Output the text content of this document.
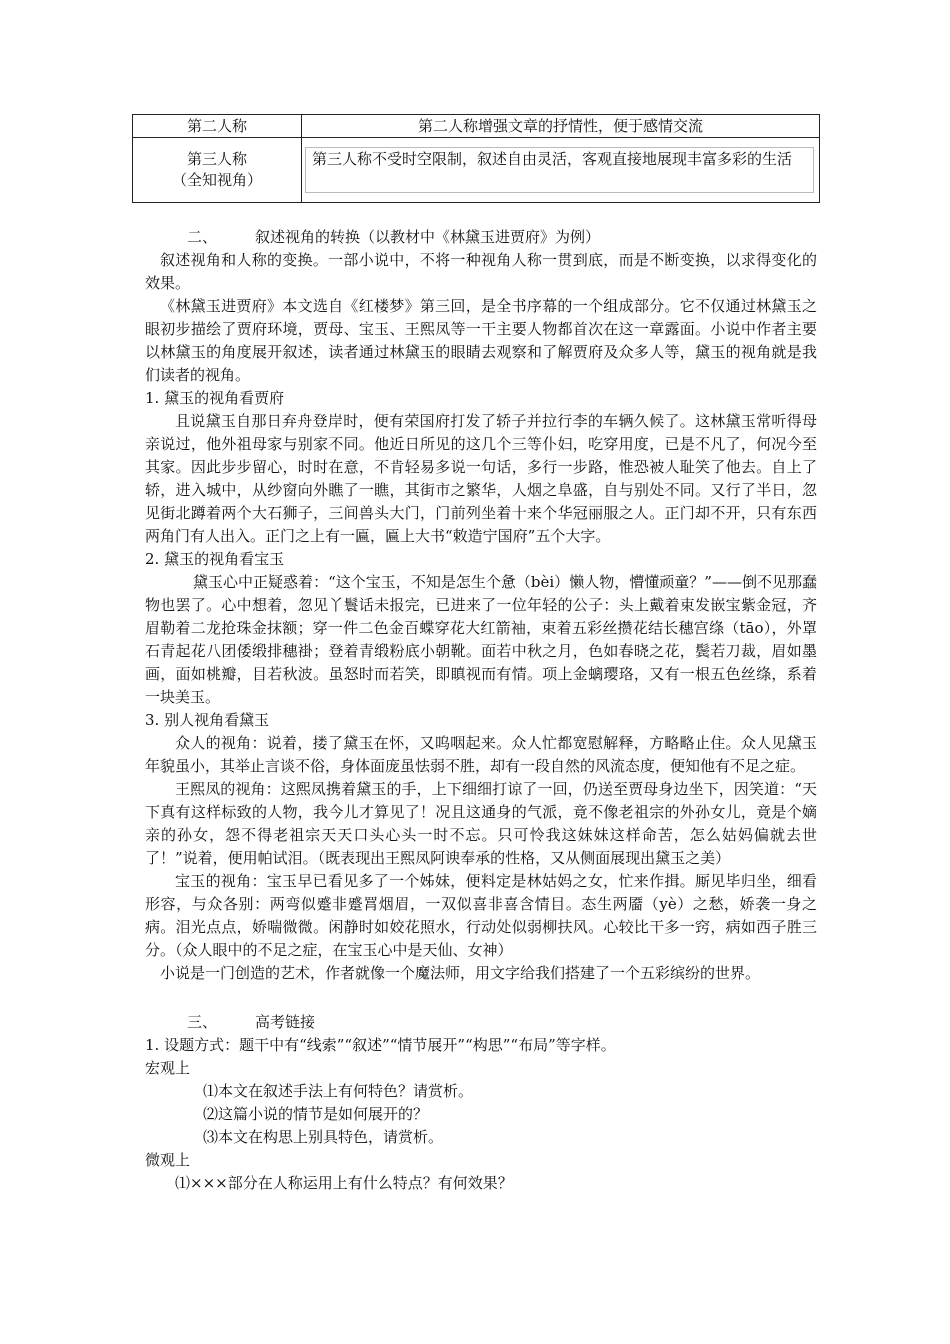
第二人称	第二人称增强文章的抒情性，便于感情交流

第三人称
（全知视角）	第三人称不受时空限制，叙述自由灵活，客观直接地展现丰富多彩的生活

二、	叙述视角的转换（以教材中《林黛玉进贾府》为例）

叙述视角和人称的变换。一部小说中，不将一种视角人称一贯到底，而是不断变换，以求得变化的效果。

《林黛玉进贾府》本文选自《红楼梦》第三回，是全书序幕的一个组成部分。它不仅通过林黛玉之眼初步描绘了贾府环境，贾母、宝玉、王熙凤等一干主要人物都首次在这一章露面。小说中作者主要以林黛玉的角度展开叙述，读者通过林黛玉的眼睛去观察和了解贾府及众多人等，黛玉的视角就是我们读者的视角。

1. 黛玉的视角看贾府

且说黛玉自那日弃舟登岸时，便有荣国府打发了轿子并拉行李的车辆久候了。这林黛玉常听得母亲说过，他外祖母家与别家不同。他近日所见的这几个三等仆妇，吃穿用度，已是不凡了，何况今至其家。因此步步留心，时时在意，不肯轻易多说一句话，多行一步路，惟恐被人耻笑了他去。自上了轿，进入城中，从纱窗向外瞧了一瞧，其街市之繁华，人烟之阜盛，自与别处不同。又行了半日，忽见街北蹲着两个大石狮子，三间兽头大门，门前列坐着十来个华冠丽服之人。正门却不开，只有东西两角门有人出入。正门之上有一匾，匾上大书“敕造宁国府”五个大字。

2. 黛玉的视角看宝玉

黛玉心中正疑惑着：“这个宝玉，不知是怎生个惫（bèi）懒人物，懵懂顽童？”——倒不见那蠢物也罢了。心中想着，忽见丫鬟话未报完，已进来了一位年轻的公子：头上戴着束发嵌宝紫金冠，齐眉勒着二龙抢珠金抹额；穿一件二色金百蝶穿花大红箭袖，束着五彩丝攒花结长穗宫绦（tāo），外罩石青起花八团倭缎排穗褂；登着青缎粉底小朝靴。面若中秋之月，色如春晓之花，鬓若刀裁，眉如墨画，面如桃瓣，目若秋波。虽怒时而若笑，即瞋视而有情。项上金螭璎珞，又有一根五色丝绦，系着一块美玉。

3. 别人视角看黛玉

众人的视角：说着，搂了黛玉在怀，又呜咽起来。众人忙都宽慰解释，方略略止住。众人见黛玉年貌虽小，其举止言谈不俗，身体面庞虽怯弱不胜，却有一段自然的风流态度，便知他有不足之症。

王熙凤的视角：这熙凤携着黛玉的手，上下细细打谅了一回，仍送至贾母身边坐下，因笑道：“天下真有这样标致的人物，我今儿才算见了！况且这通身的气派，竟不像老祖宗的外孙女儿，竟是个嫡亲的孙女，怨不得老祖宗天天口头心头一时不忘。只可怜我这妹妹这样命苦，怎么姑妈偏就去世了！”说着，便用帕试泪。（既表现出王熙凤阿谀奉承的性格，又从侧面展现出黛玉之美）

宝玉的视角：宝玉早已看见多了一个姊妹，便料定是林姑妈之女，忙来作揖。厮见毕归坐，细看形容，与众各别：两弯似蹙非蹙罥烟眉，一双似喜非喜含情目。态生两靥（yè）之愁，娇袭一身之病。泪光点点，娇喘微微。闲静时如姣花照水，行动处似弱柳扶风。心较比干多一窍，病如西子胜三分。（众人眼中的不足之症，在宝玉心中是天仙、女神）

小说是一门创造的艺术，作者就像一个魔法师，用文字给我们搭建了一个五彩缤纷的世界。

三、	高考链接

1. 设题方式：题干中有“线索”“叙述”“情节展开”“构思”“布局”等字样。

宏观上

⑴本文在叙述手法上有何特色？请赏析。

⑵这篇小说的情节是如何展开的？

⑶本文在构思上别具特色，请赏析。

微观上

⑴×××部分在人称运用上有什么特点？有何效果？
